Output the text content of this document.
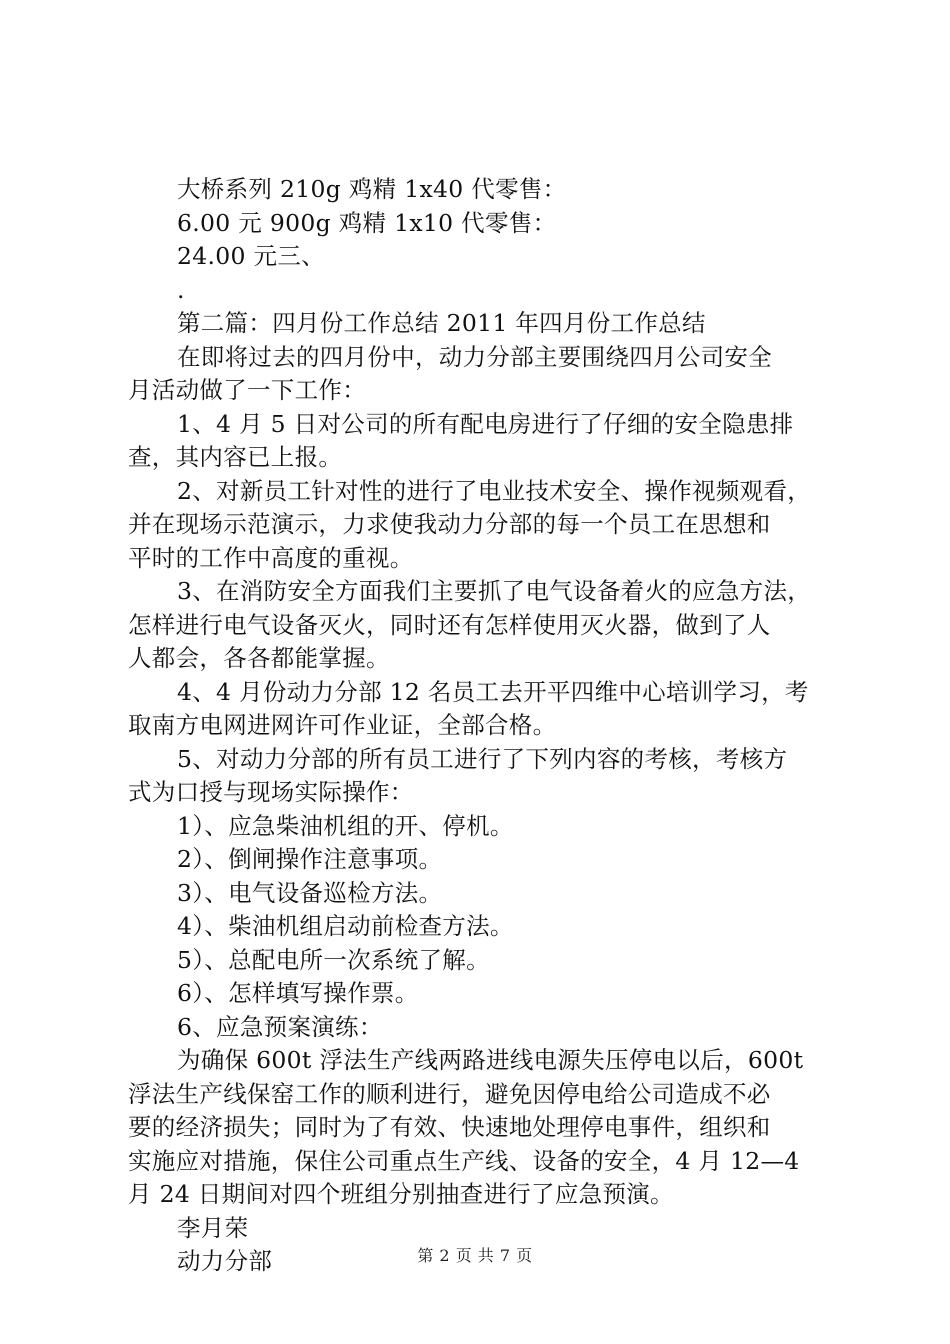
大桥系列 210g 鸡精 1x40 代零售：

6.00 元 900g 鸡精 1x10 代零售：

24.00 元三、

.

第二篇：四月份工作总结 2011 年四月份工作总结

在即将过去的四月份中，动力分部主要围绕四月公司安全

月活动做了一下工作：

1、4 月 5 日对公司的所有配电房进行了仔细的安全隐患排

查，其内容已上报。

2、对新员工针对性的进行了电业技术安全、操作视频观看，

并在现场示范演示，力求使我动力分部的每一个员工在思想和

平时的工作中高度的重视。

3、在消防安全方面我们主要抓了电气设备着火的应急方法，

怎样进行电气设备灭火，同时还有怎样使用灭火器，做到了人

人都会，各各都能掌握。

4、4 月份动力分部 12 名员工去开平四维中心培训学习，考

取南方电网进网许可作业证，全部合格。

5、对动力分部的所有员工进行了下列内容的考核，考核方

式为口授与现场实际操作：

1）、应急柴油机组的开、停机。

2）、倒闸操作注意事项。

3）、电气设备巡检方法。

4）、柴油机组启动前检查方法。

5）、总配电所一次系统了解。

6）、怎样填写操作票。

6、应急预案演练：

为确保 600t 浮法生产线两路进线电源失压停电以后，600t

浮法生产线保窑工作的顺利进行，避免因停电给公司造成不必

要的经济损失；同时为了有效、快速地处理停电事件，组织和

实施应对措施，保住公司重点生产线、设备的安全，4 月 12—4

月 24 日期间对四个班组分别抽查进行了应急预演。

李月荣

动力分部	第 2 页 共 7 页
